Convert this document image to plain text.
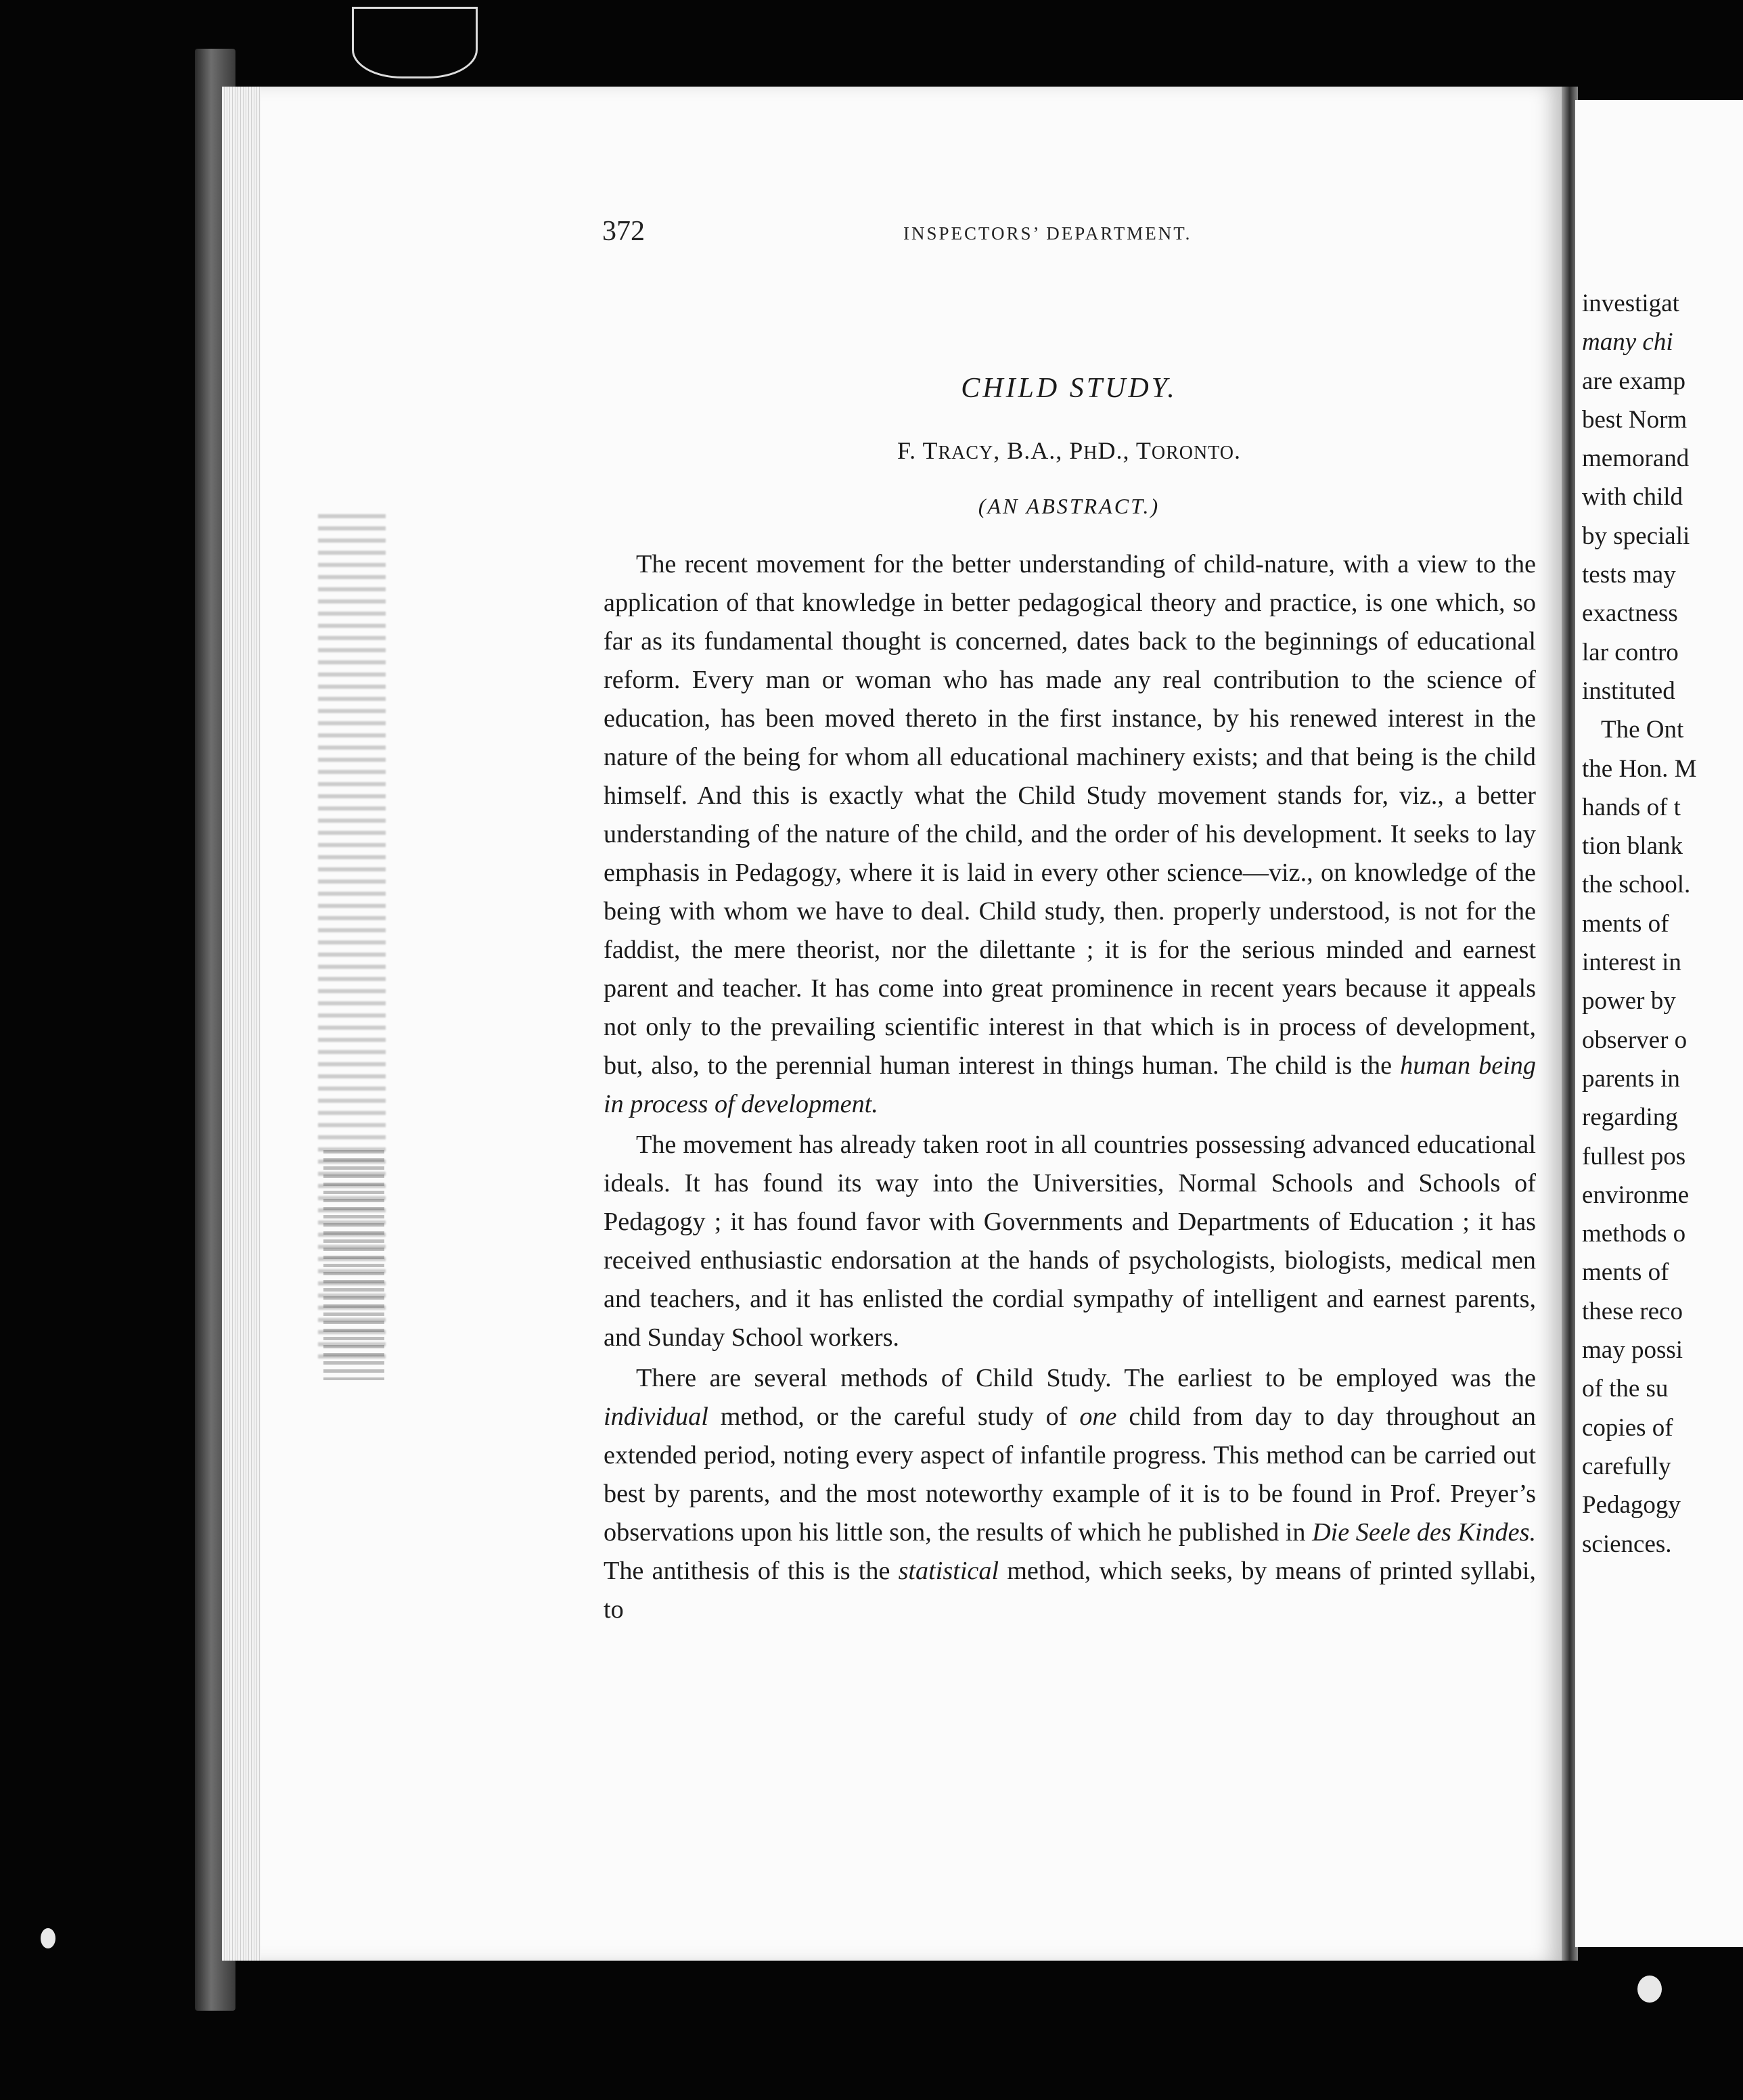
372	INSPECTORS’ DEPARTMENT.
CHILD STUDY.
F. TRACY, B.A., PHD., TORONTO.
(AN ABSTRACT.)

The recent movement for the better understanding of child-nature, with a view to the application of that knowledge in better pedagogical theory and practice, is one which, so far as its fundamental thought is concerned, dates back to the beginnings of educational reform. Every man or woman who has made any real contribution to the science of education, has been moved thereto in the first instance, by his renewed interest in the nature of the being for whom all educational machinery exists; and that being is the child himself. And this is exactly what the Child Study movement stands for, viz., a better understanding of the nature of the child, and the order of his development. It seeks to lay emphasis in Pedagogy, where it is laid in every other science—viz., on knowledge of the being with whom we have to deal. Child study, then. properly understood, is not for the faddist, the mere theorist, nor the dilettante ; it is for the serious minded and earnest parent and teacher. It has come into great prominence in recent years because it appeals not only to the prevailing scientific interest in that which is in process of development, but, also, to the perennial human interest in things human. The child is the human being in process of development.

The movement has already taken root in all countries possessing advanced educational ideals. It has found its way into the Universities, Normal Schools and Schools of Pedagogy ; it has found favor with Governments and Departments of Education ; it has received enthusiastic endorsation at the hands of psychologists, biologists, medical men and teachers, and it has enlisted the cordial sympathy of intelligent and earnest parents, and Sunday School workers.

There are several methods of Child Study. The earliest to be employed was the individual method, or the careful study of one child from day to day throughout an extended period, noting every aspect of infantile progress. This method can be carried out best by parents, and the most noteworthy example of it is to be found in Prof. Preyer’s observations upon his little son, the results of which he published in Die Seele des Kindes. The antithesis of this is the statistical method, which seeks, by means of printed syllabi, to

investigat
many chi
are examp
best Norm
memorand
with child
by speciali
tests may
exactness
lar contro
instituted
The Ont
the Hon. M
hands of t
tion blank
the school.
ments of
interest in
power by
observer o
parents in
regarding
fullest pos
environme
methods o
ments of
these reco
may possi
of the su
copies of
carefully
Pedagogy
sciences.
